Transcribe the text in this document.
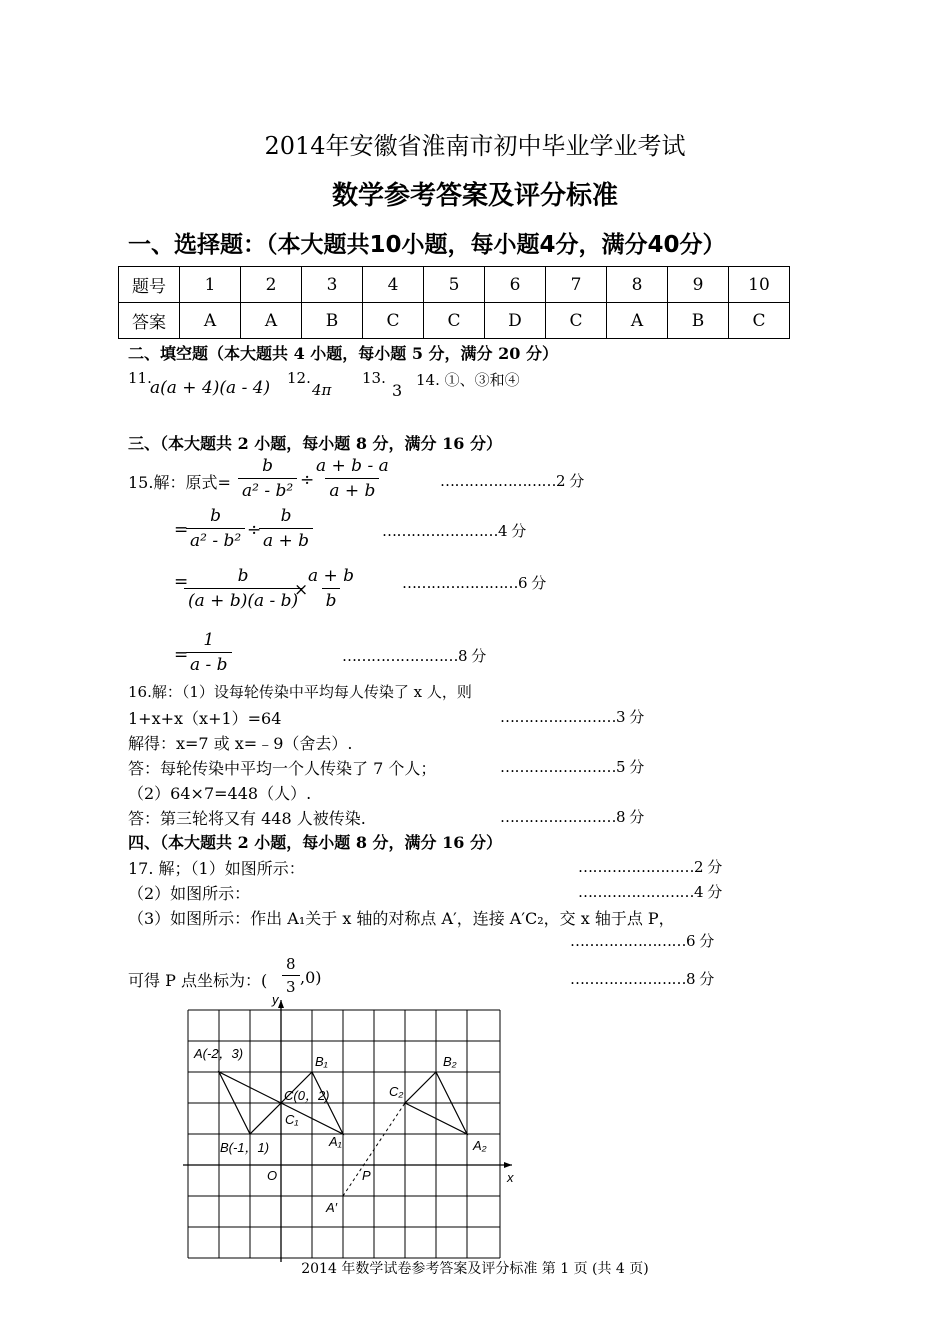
2014年安徽省淮南市初中毕业学业考试
数学参考答案及评分标准
一、选择题：（本大题共10小题，每小题4分，满分40分）
题号	1	2	3	4	5	6	7	8	9	10
答案	A	A	B	C	C	D	C	A	B	C
二、填空题（本大题共 4 小题，每小题 5 分，满分 20 分）
11.
a(a + 4)(a - 4) 12.
4π
13.
3
14. ①、③和④
三、（本大题共 2 小题，每小题 8 分，满分 16 分）
15.解：原式= $\frac{b}{\text{a² - b²}}$ ÷
$\frac{a + b - a}{a + b}$	……………………2 分
=
$\frac{b}{\text{a² - b²}}$ ÷
$\frac{b}{a + b}$	……………………4 分
=
$\frac{b}{(a + b)(a - b)}$
×
$\frac{a + b}{b}$	……………………6 分
=
$\frac{1}{a - b}$	……………………8 分
16.解：（1）设每轮传染中平均每人传染了 x 人，则
1+x+x（x+1）=64	……………………3 分
解得：x=7 或 x=﹣9（舍去）.
答：每轮传染中平均一个人传染了 7 个人；	……………………5 分
（2）64×7=448（人）.
答：第三轮将又有 448 人被传染.	……………………8 分
四、（本大题共 2 小题，每小题 8 分，满分 16 分）
17. 解；（1）如图所示：	……………………2 分
（2）如图所示：	……………………4 分
（3）如图所示：作出 A₁关于 x 轴的对称点 A′，连接 A′C₂，交 x 轴于点 P，
……………………6 分
可得 P 点坐标为：( $\frac{8}{3} ,0$)	……………………8 分
y
x
O
A(-2，3)
B(-1，1)
C(0，2)
B₁
C₁
A₁
B₂
C₂
A₂
P
A′
2014 年数学试卷参考答案及评分标准 第 1 页 (共 4 页)
